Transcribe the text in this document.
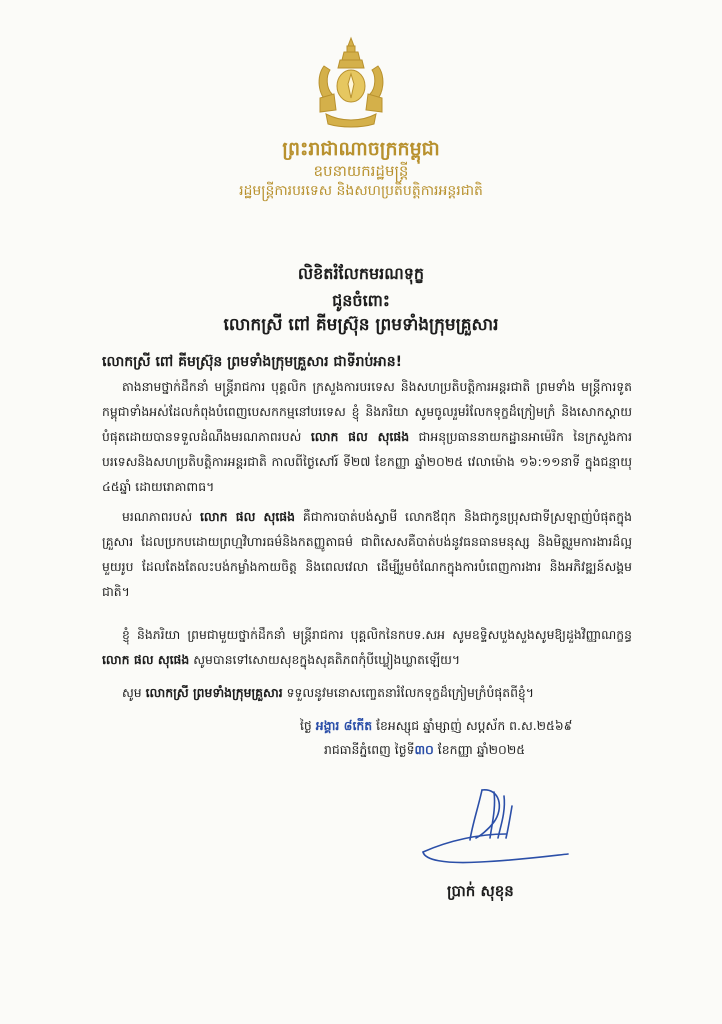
ព្រះរាជាណាចក្រកម្ពុជា
ឧបនាយករដ្ឋមន្ត្រី
រដ្ឋមន្ត្រីការបរទេស និងសហប្រតិបត្តិការអន្តរជាតិ
លិខិតរំលែកមរណទុក្ខ
ជូនចំពោះ
លោកស្រី ពៅ គីមស្រ៊ុន ព្រមទាំងក្រុមគ្រួសារ
លោកស្រី ពៅ គីមស្រ៊ុន ព្រមទាំងក្រុមគ្រួសារ ជាទីរាប់អាន!
តាងនាមថ្នាក់ដឹកនាំ មន្ត្រីរាជការ បុគ្គលិក ក្រសួងការបរទេស និងសហប្រតិបត្តិការអន្តរជាតិ ព្រមទាំង មន្ត្រីការទូតកម្ពុជាទាំងអស់ដែលកំពុងបំពេញបេសកកម្មនៅបរទេស ខ្ញុំ និងភរិយា សូមចូលរួមរំលែកទុក្ខដ៏ក្រៀមក្រំ និងសោកស្ដាយបំផុតដោយបានទទួលដំណឹងមរណភាពរបស់ លោក ផល សុផេង ជាអនុប្រធាននាយកដ្ឋានអាម៉េរិក នៃក្រសួងការបរទេសនិងសហប្រតិបត្តិការអន្តរជាតិ កាលពីថ្ងៃសៅរ៍ ទី២៧ ខែកញ្ញា ឆ្នាំ២០២៥ វេលាម៉ោង ១៦:១១នាទី ក្នុងជន្មាយុ ៤៥ឆ្នាំ ដោយរោគាពាធ។
មរណភាពរបស់ លោក ផល សុផេង គឺជាការបាត់បង់ស្វាមី លោកឪពុក និងជាកូនប្រុសជាទីស្រឡាញ់បំផុតក្នុងគ្រួសារ ដែលប្រកបដោយព្រហ្មវិហារធម៌និងកតញ្ញូតាធម៌ ជាពិសេសគឺបាត់បង់នូវធនធានមនុស្ស និងមិត្តរួមការងារដ៏ល្អមួយរូប ដែលតែងតែលះបង់កម្លាំងកាយចិត្ត និងពេលវេលា ដើម្បីរួមចំណែកក្នុងការបំពេញការងារ និងអភិវឌ្ឍន៍សង្គមជាតិ។
ខ្ញុំ និងភរិយា ព្រមជាមួយថ្នាក់ដឹកនាំ មន្ត្រីរាជការ បុគ្គលិកនៃកបទ.សអ សូមឧទ្ទិសបួងសួងសូមឱ្យដួងវិញ្ញាណក្ខន្ធ លោក ផល សុផេង សូមបានទៅសោយសុខក្នុងសុគតិភពកុំបីឃ្លៀងឃ្លាតឡើយ។
សូម លោកស្រី ព្រមទាំងក្រុមគ្រួសារ ទទួលនូវមនោសញ្ចេតនារំលែកទុក្ខដ៏ក្រៀមក្រំបំផុតពីខ្ញុំ។
ថ្ងៃ អង្គារ ៨កើត ខែអស្សុជ ឆ្នាំម្សាញ់ សប្តស័ក ព.ស.២៥៦៩
រាជធានីភ្នំពេញ ថ្ងៃទី៣០ ខែកញ្ញា ឆ្នាំ២០២៥
ប្រាក់ សុខុន
